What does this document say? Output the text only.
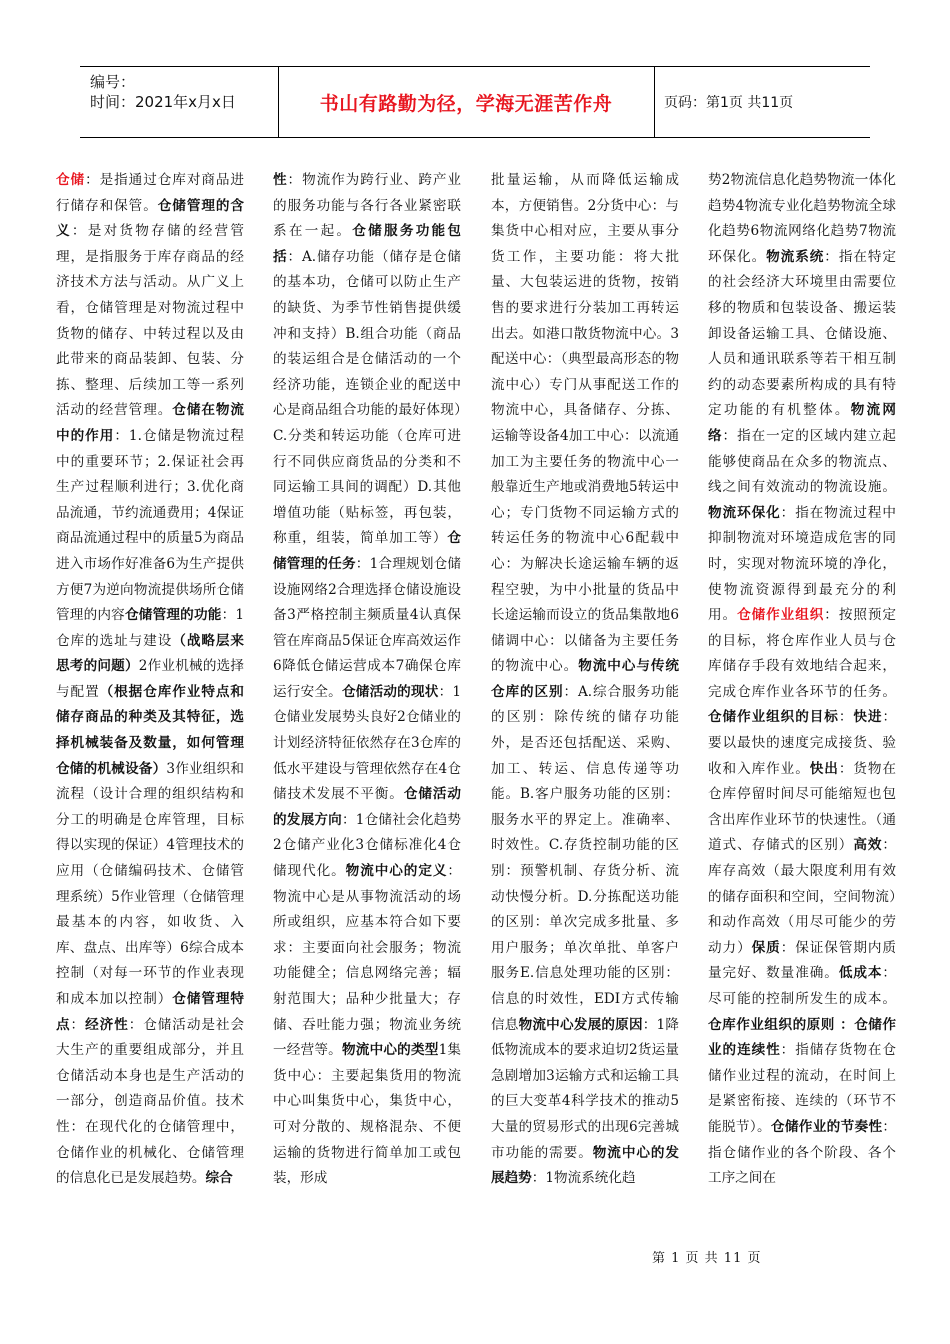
编号：
时间：2021年x月x日	书山有路勤为径，学海无涯苦作舟	页码：第1页 共11页
仓储：是指通过仓库对商品进行储存和保管。仓储管理的含义：是对货物存储的经营管理，是指服务于库存商品的经济技术方法与活动。从广义上看，仓储管理是对物流过程中货物的储存、中转过程以及由此带来的商品装卸、包装、分拣、整理、后续加工等一系列活动的经营管理。仓储在物流中的作用：1.仓储是物流过程中的重要环节；2.保证社会再生产过程顺利进行；3.优化商品流通，节约流通费用；4保证商品流通过程中的质量5为商品进入市场作好准备6为生产提供方便7为逆向物流提供场所仓储管理的内容仓储管理的功能：1仓库的选址与建设（战略层来思考的问题）2作业机械的选择与配置（根据仓库作业特点和储存商品的种类及其特征，选择机械装备及数量，如何管理仓储的机械设备）3作业组织和流程（设计合理的组织结构和分工的明确是仓库管理，目标得以实现的保证）4管理技术的应用（仓储编码技术、仓储管理系统）5作业管理（仓储管理最基本的内容，如收货、入库、盘点、出库等）6综合成本控制（对每一环节的作业表现和成本加以控制）仓储管理特点：经济性：仓储活动是社会大生产的重要组成部分，并且仓储活动本身也是生产活动的一部分，创造商品价值。技术性：在现代化的仓储管理中，仓储作业的机械化、仓储管理的信息化已是发展趋势。综合
性：物流作为跨行业、跨产业的服务功能与各行各业紧密联系在一起。仓储服务功能包括：A.储存功能（储存是仓储的基本功，仓储可以防止生产的缺货、为季节性销售提供缓冲和支持）B.组合功能（商品的装运组合是仓储活动的一个经济功能，连锁企业的配送中心是商品组合功能的最好体现）C.分类和转运功能（仓库可进行不同供应商货品的分类和不同运输工具间的调配）D.其他增值功能（贴标签，再包装，称重，组装，简单加工等）仓储管理的任务：1合理规划仓储设施网络2合理选择仓储设施设备3严格控制主频质量4认真保管在库商品5保证仓库高效运作6降低仓储运营成本7确保仓库运行安全。仓储活动的现状：1仓储业发展势头良好2仓储业的计划经济特征依然存在3仓库的低水平建设与管理依然存在4仓储技术发展不平衡。仓储活动的发展方向：1仓储社会化趋势2仓储产业化3仓储标准化4仓储现代化。物流中心的定义：物流中心是从事物流活动的场所或组织，应基本符合如下要求：主要面向社会服务；物流功能健全；信息网络完善；辐射范围大；品种少批量大；存储、吞吐能力强；物流业务统一经营等。物流中心的类型1集货中心：主要起集货用的物流中心叫集货中心，集货中心，可对分散的、规格混杂、不便运输的货物进行简单加工或包装，形成
批量运输，从而降低运输成本，方便销售。2分货中心：与集货中心相对应，主要从事分货工作，主要功能：将大批量、大包装运进的货物，按销售的要求进行分装加工再转运出去。如港口散货物流中心。3配送中心：（典型最高形态的物流中心）专门从事配送工作的物流中心，具备储存、分拣、运输等设备4加工中心：以流通加工为主要任务的物流中心一般靠近生产地或消费地5转运中心；专门货物不同运输方式的转运任务的物流中心6配载中心：为解决长途运输车辆的返程空驶，为中小批量的货品中长途运输而设立的货品集散地6储调中心：以储备为主要任务的物流中心。物流中心与传统仓库的区别：A.综合服务功能的区别：除传统的储存功能外，是否还包括配送、采购、加工、转运、信息传递等功能。B.客户服务功能的区别：服务水平的界定上。准确率、时效性。C.存货控制功能的区别：预警机制、存货分析、流动快慢分析。D.分拣配送功能的区别：单次完成多批量、多用户服务；单次单批、单客户服务E.信息处理功能的区别：信息的时效性，EDI方式传输信息物流中心发展的原因：1降低物流成本的要求迫切2货运量急剧增加3运输方式和运输工具的巨大变革4科学技术的推动5大量的贸易形式的出现6完善城市功能的需要。物流中心的发展趋势：1物流系统化趋
势2物流信息化趋势物流一体化趋势4物流专业化趋势物流全球化趋势6物流网络化趋势7物流环保化。物流系统：指在特定的社会经济大环境里由需要位移的物质和包装设备、搬运装卸设备运输工具、仓储设施、人员和通讯联系等若干相互制约的动态要素所构成的具有特定功能的有机整体。物流网络：指在一定的区域内建立起能够使商品在众多的物流点、线之间有效流动的物流设施。物流环保化：指在物流过程中抑制物流对环境造成危害的同时，实现对物流环境的净化，使物流资源得到最充分的利用。仓储作业组织：按照预定的目标，将仓库作业人员与仓库储存手段有效地结合起来，完成仓库作业各环节的任务。仓储作业组织的目标：快进：要以最快的速度完成接货、验收和入库作业。快出：货物在仓库停留时间尽可能缩短也包含出库作业环节的快速性。（通道式、存储式的区别）高效：库存高效（最大限度利用有效的储存面积和空间，空间物流）和动作高效（用尽可能少的劳动力）保质：保证保管期内质量完好、数量准确。低成本：尽可能的控制所发生的成本。仓库作业组织的原则 ：仓储作业的连续性：指储存货物在仓储作业过程的流动，在时间上是紧密衔接、连续的（环节不能脱节）。仓储作业的节奏性：指仓储作业的各个阶段、各个工序之间在
第 1 页 共 11 页
